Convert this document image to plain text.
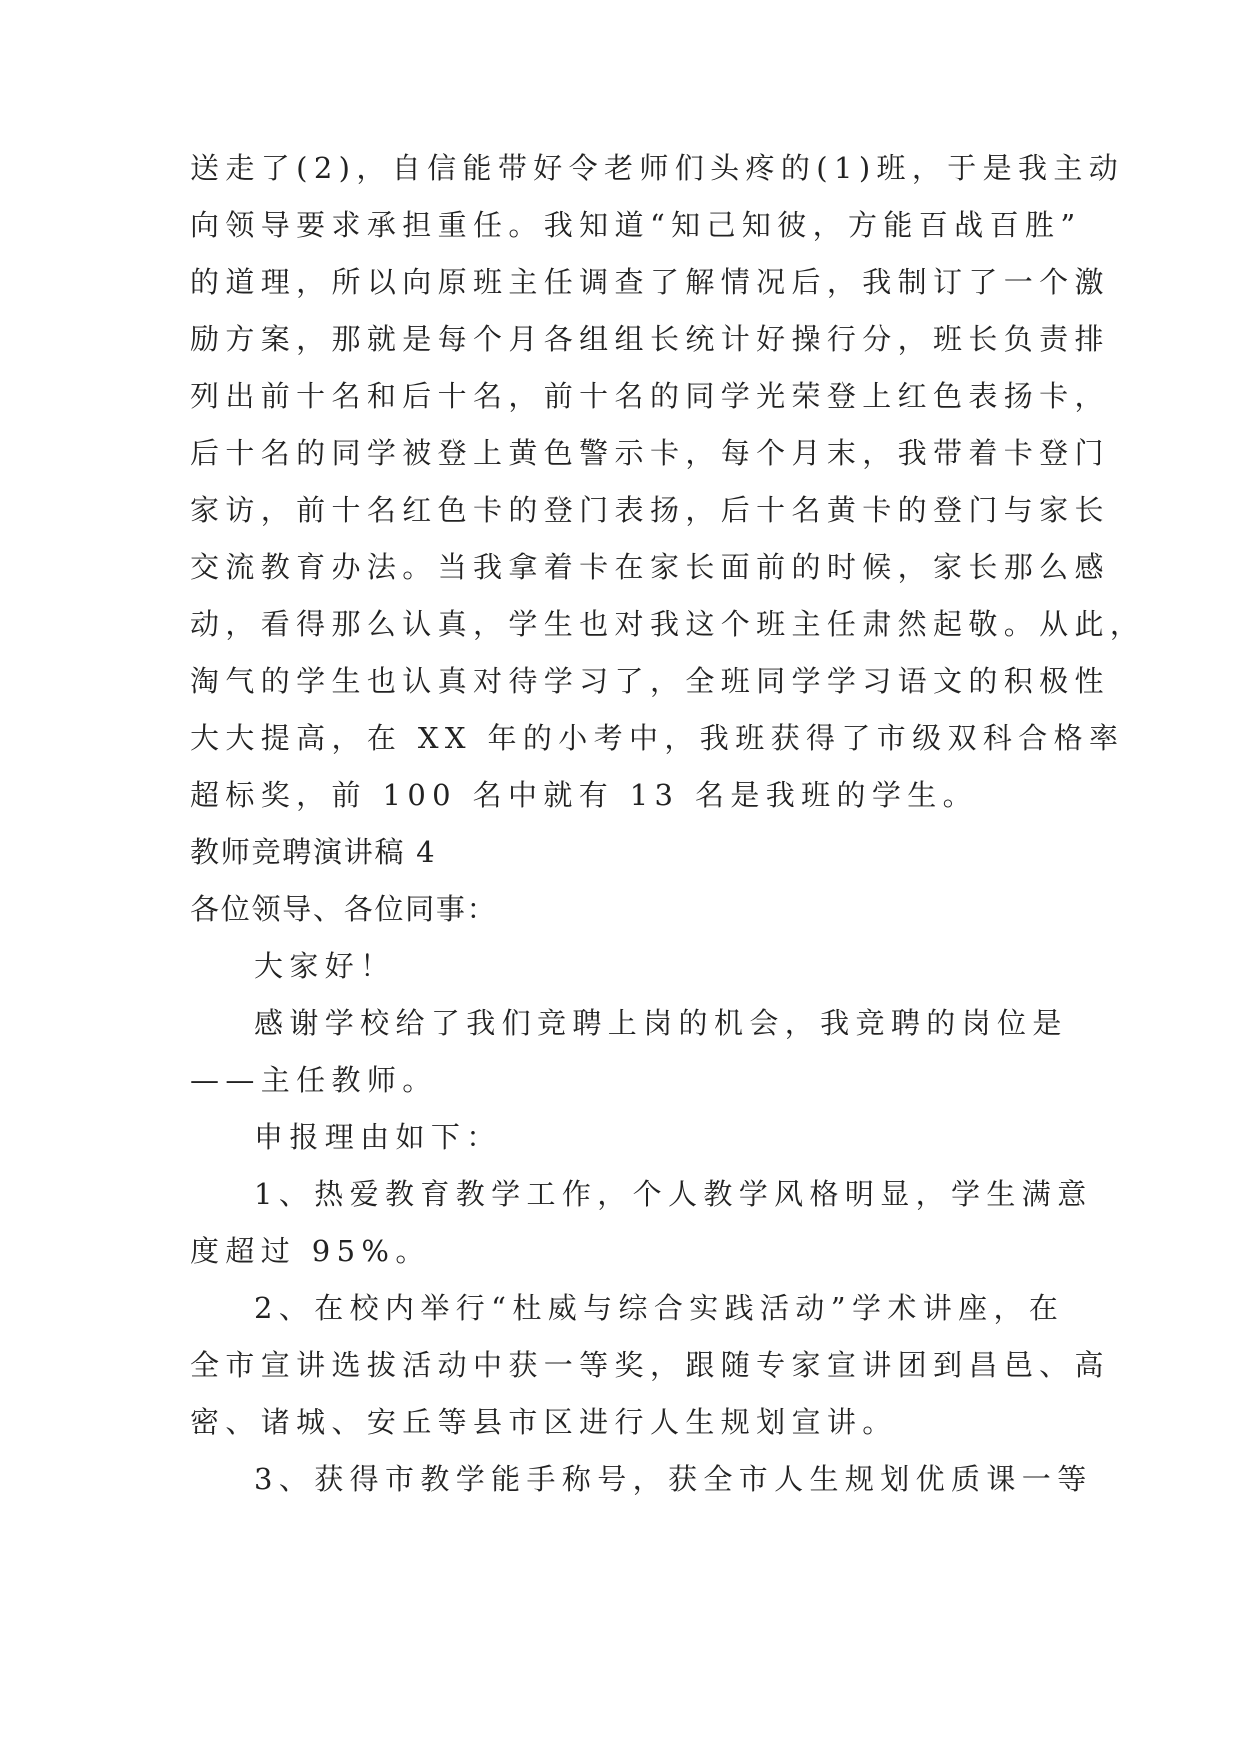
送走了(2)，自信能带好令老师们头疼的(1)班，于是我主动
向领导要求承担重任。我知道“知己知彼，方能百战百胜”
的道理，所以向原班主任调查了解情况后，我制订了一个激
励方案，那就是每个月各组组长统计好操行分，班长负责排
列出前十名和后十名，前十名的同学光荣登上红色表扬卡，
后十名的同学被登上黄色警示卡，每个月末，我带着卡登门
家访，前十名红色卡的登门表扬，后十名黄卡的登门与家长
交流教育办法。当我拿着卡在家长面前的时候，家长那么感
动，看得那么认真，学生也对我这个班主任肃然起敬。从此，
淘气的学生也认真对待学习了，全班同学学习语文的积极性
大大提高，在 XX 年的小考中，我班获得了市级双科合格率
超标奖，前 100 名中就有 13 名是我班的学生。
教师竞聘演讲稿 4
各位领导、各位同事：
大家好！
感谢学校给了我们竞聘上岗的机会，我竞聘的岗位是
——主任教师。
申报理由如下：
1、热爱教育教学工作，个人教学风格明显，学生满意
度超过 95%。
2、在校内举行“杜威与综合实践活动”学术讲座，在
全市宣讲选拔活动中获一等奖，跟随专家宣讲团到昌邑、高
密、诸城、安丘等县市区进行人生规划宣讲。
3、获得市教学能手称号，获全市人生规划优质课一等
